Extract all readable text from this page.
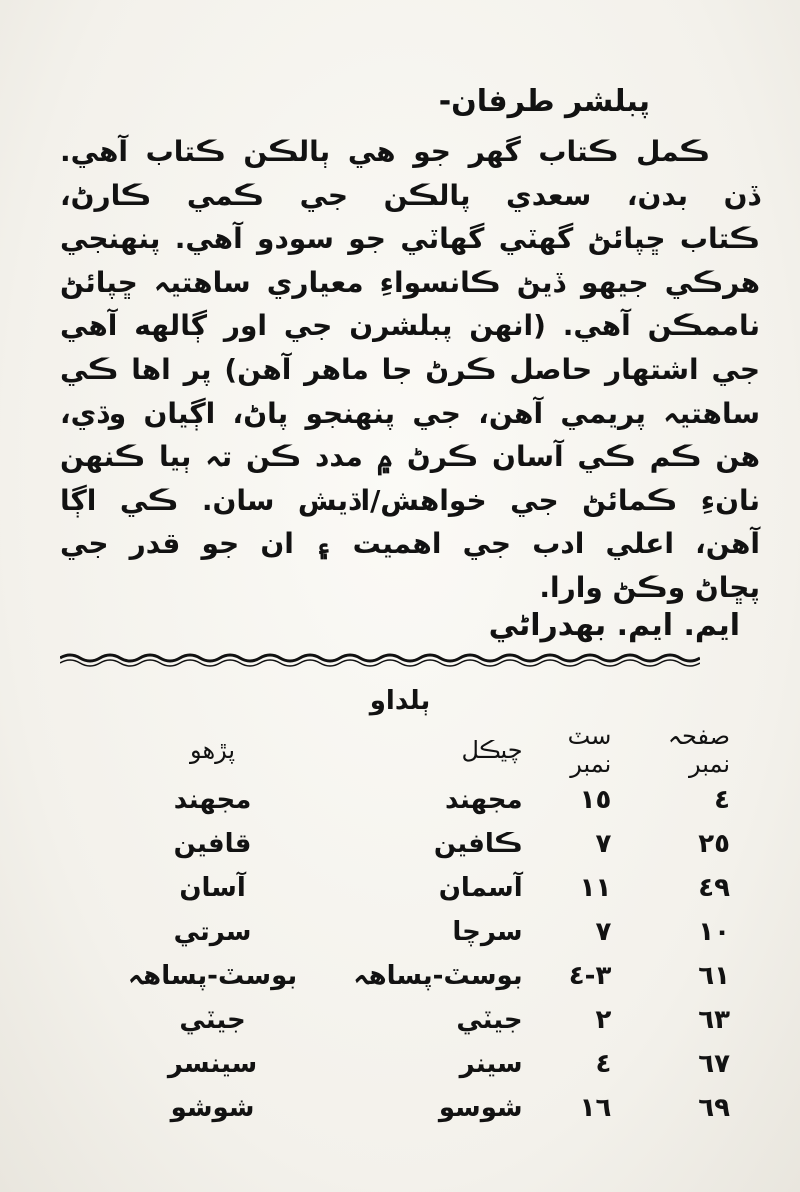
پبلشر طرفان-
ڪمل ڪتاب گهر جو هي ٻالڪن ڪتاب آهي.
ڏن بدن، سعدي پالڪن جي ڪمي ڪارڻ،
ڪتاب ڇپائڻ گهٽي گهاٽي جو سودو آهي. پنهنجي
هرڪي جيهو ڏيڻ ڪانسواءِ معياري ساهتيہ ڇپائڻ
ناممڪن آهي. (انهن پبلشرن جي اور ڳالهه آهي
جي اشتهار حاصل ڪرڻ جا ماهر آهن) پر اها ڪي
ساهتيہ پريمي آهن، جي پنهنجو پاڻ، اڳيان وڌي،
هن ڪم ڪي آسان ڪرڻ ۾ مدد ڪن تہ ٻيا ڪنهن
نانءِ ڪمائڻ جي خواهش/اڌيش سان. ڪي اڳا
آهن، اعلي ادب جي اهميت ۽ ان جو قدر جي
پڇاڻ وڪڻ وارا.
ايم. ايم. بهدراڻي
ٻلداو
صفحہ نمبر	سٽ نمبر	چيڪل	پڙهو
٤	١٥	مجهند	مجهند
٢٥	٧	ڪافين	قافين
٤٩	١١	آسمان	آسان
١٠	٧	سرچا	سرتي
٦١	٣-٤	بوسٽ-پساهہ	بوسٽ-پساهہ
٦٣	٢	جيٽي	جيٽي
٦٧	٤	سينر	سينسر
٦٩	١٦	شوسو	شوشو
